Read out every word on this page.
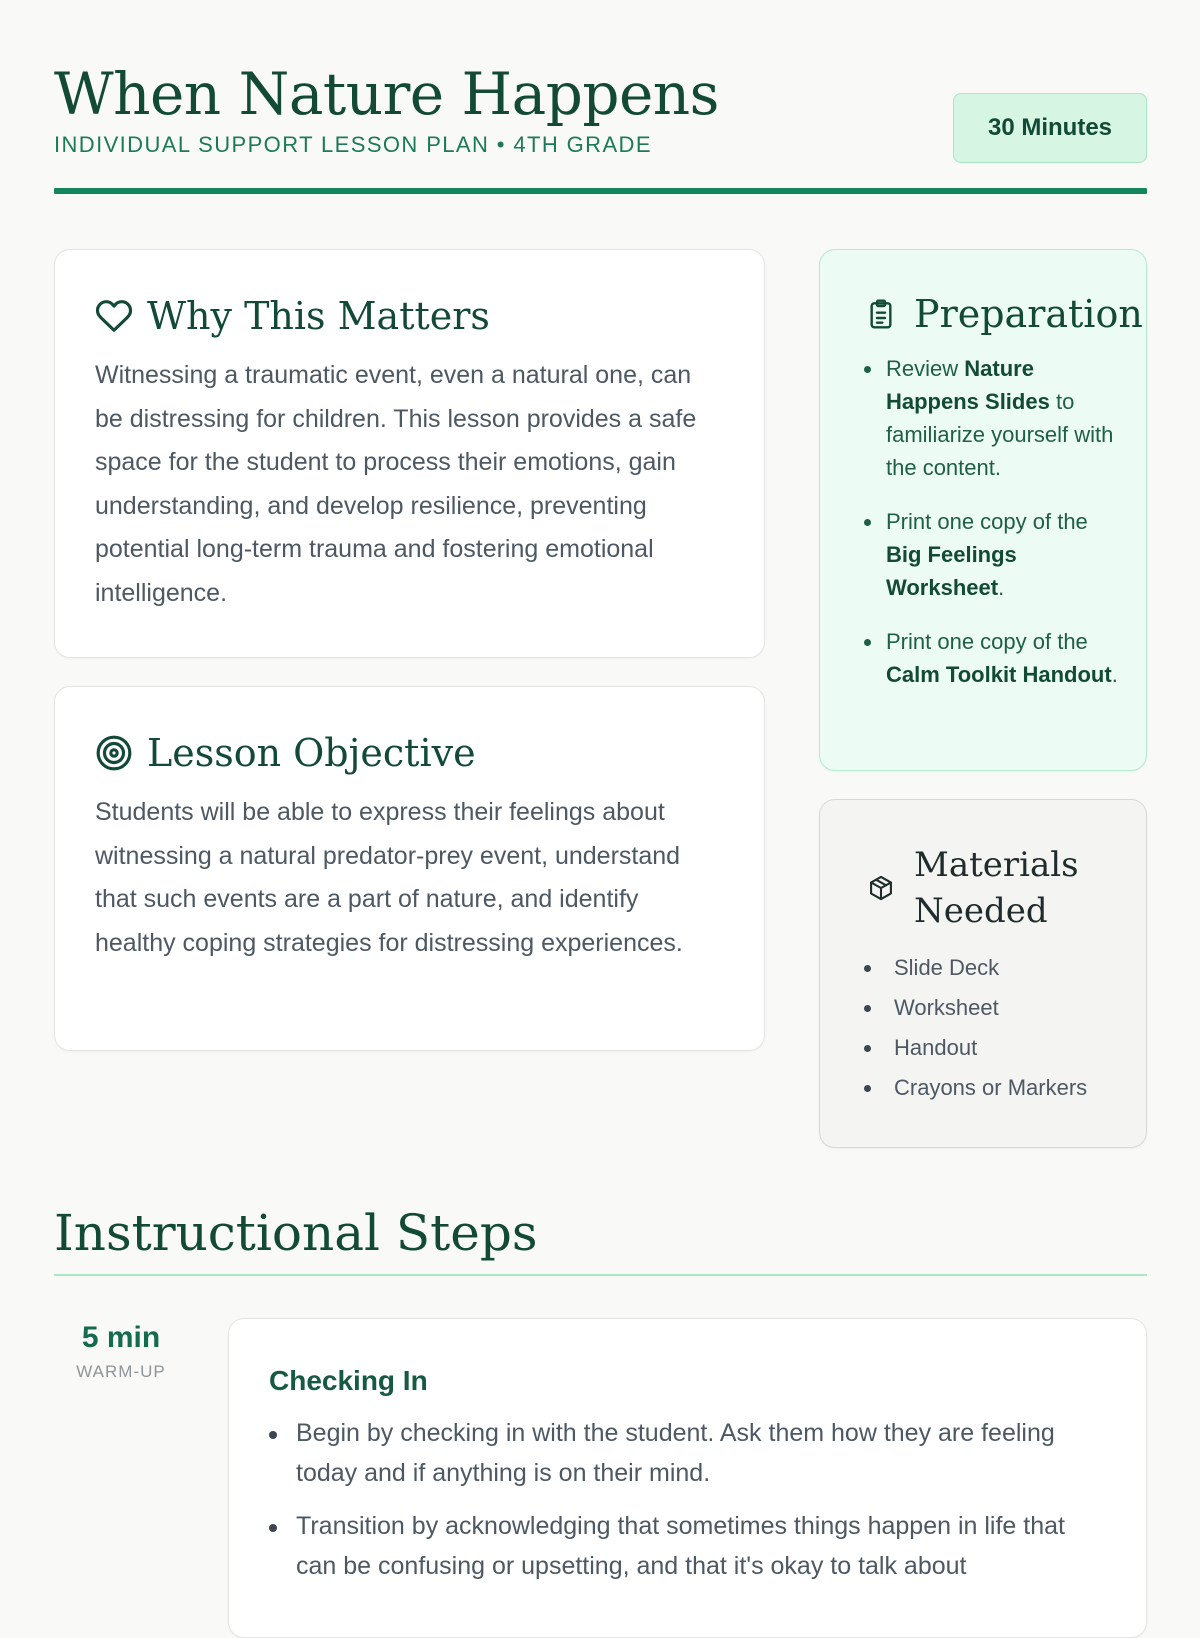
When Nature Happens
INDIVIDUAL SUPPORT LESSON PLAN • 4TH GRADE
30 Minutes
Why This Matters

Witnessing a traumatic event, even a natural one, can be distressing for children. This lesson provides a safe space for the student to process their emotions, gain understanding, and develop resilience, preventing potential long-term trauma and fostering emotional intelligence.

Lesson Objective

Students will be able to express their feelings about witnessing a natural predator-prey event, understand that such events are a part of nature, and identify healthy coping strategies for distressing experiences.

Preparation
Review Nature Happens Slides to familiarize yourself with the content.
Print one copy of the Big Feelings Worksheet.
Print one copy of the Calm Toolkit Handout.
Materials
Needed
Slide Deck
Worksheet
Handout
Crayons or Markers
Instructional Steps
5 min
WARM-UP	Checking In
Begin by checking in with the student. Ask them how they are feeling today and if anything is on their mind.
Transition by acknowledging that sometimes things happen in life that can be confusing or upsetting, and that it's okay to talk about
